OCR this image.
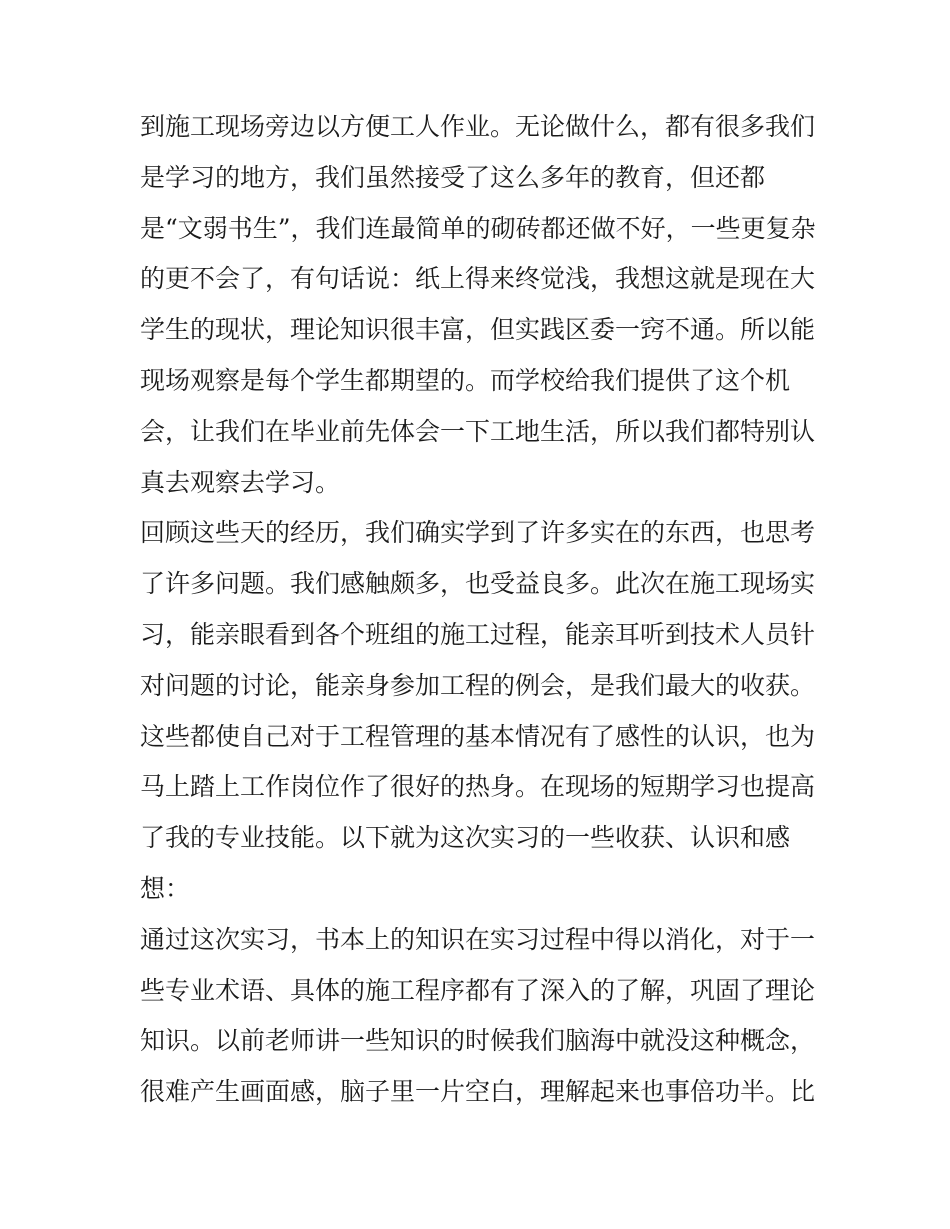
到施工现场旁边以方便工人作业。无论做什么，都有很多我们
是学习的地方，我们虽然接受了这么多年的教育，但还都
是“文弱书生”，我们连最简单的砌砖都还做不好，一些更复杂
的更不会了，有句话说：纸上得来终觉浅，我想这就是现在大
学生的现状，理论知识很丰富，但实践区委一窍不通。所以能
现场观察是每个学生都期望的。而学校给我们提供了这个机
会，让我们在毕业前先体会一下工地生活，所以我们都特别认
真去观察去学习。
回顾这些天的经历，我们确实学到了许多实在的东西，也思考
了许多问题。我们感触颇多，也受益良多。此次在施工现场实
习，能亲眼看到各个班组的施工过程，能亲耳听到技术人员针
对问题的讨论，能亲身参加工程的例会，是我们最大的收获。
这些都使自己对于工程管理的基本情况有了感性的认识，也为
马上踏上工作岗位作了很好的热身。在现场的短期学习也提高
了我的专业技能。以下就为这次实习的一些收获、认识和感
想：
通过这次实习，书本上的知识在实习过程中得以消化，对于一
些专业术语、具体的施工程序都有了深入的了解，巩固了理论
知识。以前老师讲一些知识的时候我们脑海中就没这种概念，
很难产生画面感，脑子里一片空白，理解起来也事倍功半。比
